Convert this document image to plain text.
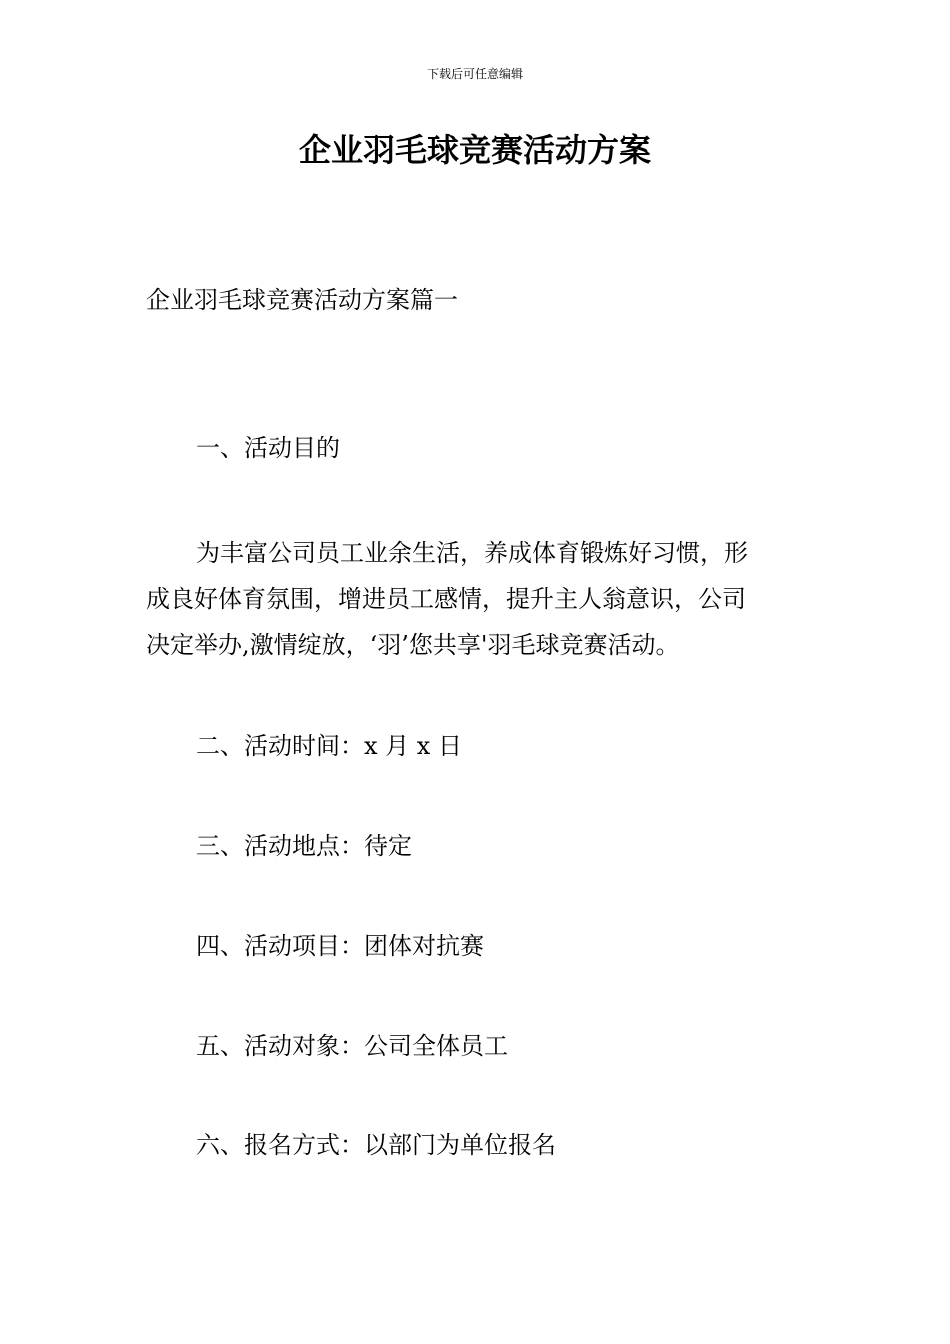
下载后可任意编辑
企业羽毛球竞赛活动方案

企业羽毛球竞赛活动方案篇一

一、活动目的

为丰富公司员工业余生活，养成体育锻炼好习惯，形
成良好体育氛围，增进员工感情，提升主人翁意识，公司
决定举办,激情绽放，‘羽’您共享'羽毛球竞赛活动。

二、活动时间：x 月 x 日

三、活动地点：待定

四、活动项目：团体对抗赛

五、活动对象：公司全体员工

六、报名方式：以部门为单位报名
